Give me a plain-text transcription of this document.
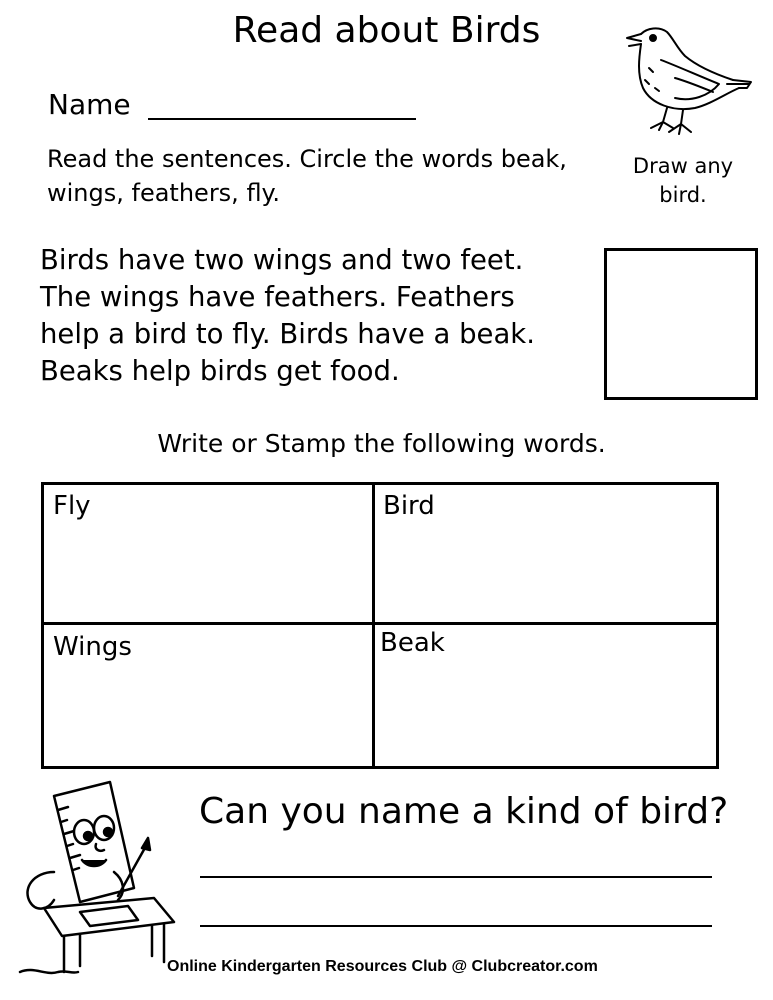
Read about Birds
Name
Read the sentences. Circle the words beak, wings, feathers, fly.
Draw any bird.
Birds have two wings and two feet.
The wings have feathers. Feathers
help a bird to fly. Birds have a beak.
Beaks help birds get food.
Write or Stamp the following words.
Fly	Bird
Wings	Beak
Can you name a kind of bird?
Online Kindergarten Resources Club @ Clubcreator.com
